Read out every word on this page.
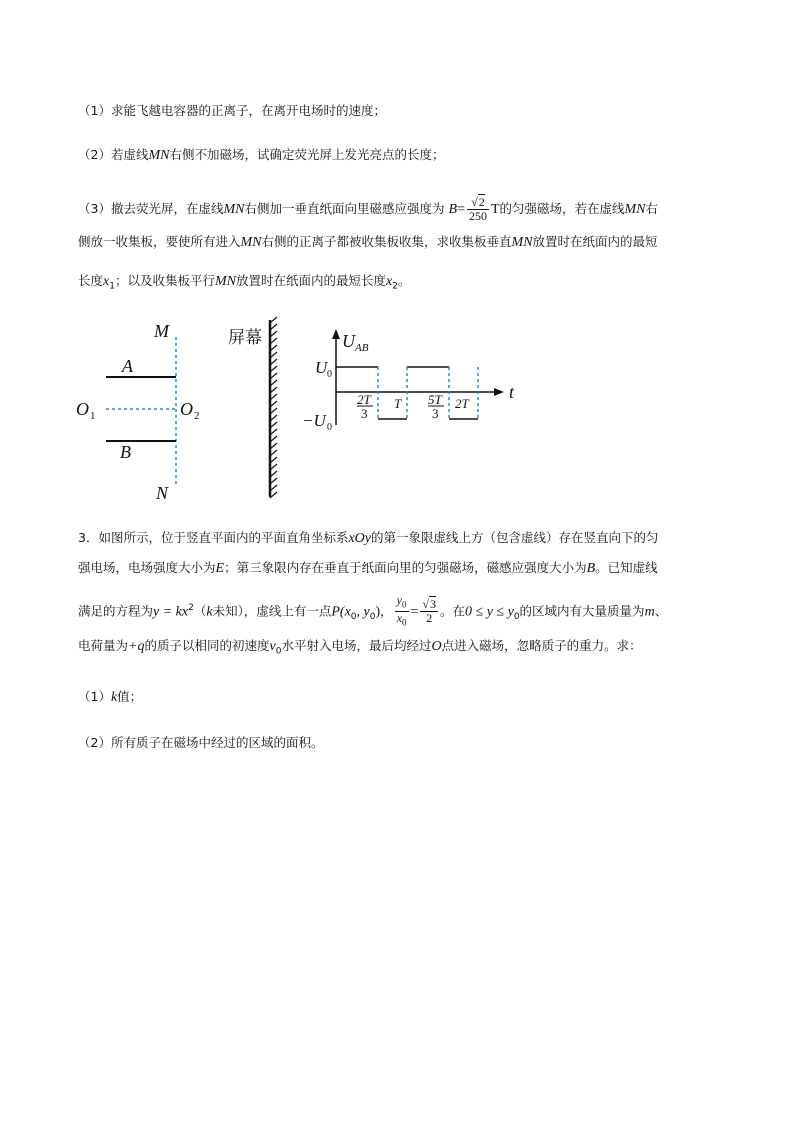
（1）求能飞越电容器的正离子，在离开电场时的速度；
（2）若虚线MN右侧不加磁场，试确定荧光屏上发光亮点的长度；
（3）撤去荧光屏，在虚线MN右侧加一垂直纸面向里磁感应强度为 $B= \frac{√2}{250}$ T的匀强磁场，若在虚线MN右
侧放一收集板，要使所有进入MN右侧的正离子都被收集板收集，求收集板垂直MN放置时在纸面内的最短
长度$x_1$；以及收集板平行MN放置时在纸面内的最短长度$x_2$。
M
N
A
B
O 1	O 2
屏幕	U AB
t
U 0
−U 0
2T
3
T 5T
3
2T
3．如图所示，位于竖直平面内的平面直角坐标系xOy的第一象限虚线上方（包含虚线）存在竖直向下的匀
强电场，电场强度大小为E；第三象限内存在垂直于纸面向里的匀强磁场，磁感应强度大小为B。已知虚线
满足的方程为$y = kx^2(k$未知），虚线上有一点$P(x_0$, $y_0$)， $\frac{y_0}{x_0} = \frac{√3}{2}$ 。在$0 \le y \le y_0$的区域内有大量质量为m、
电荷量为+q的质子以相同的初速度$v_0$水平射入电场，最后均经过O点进入磁场，忽略质子的重力。求：
（1）k值；
（2）所有质子在磁场中经过的区域的面积。
